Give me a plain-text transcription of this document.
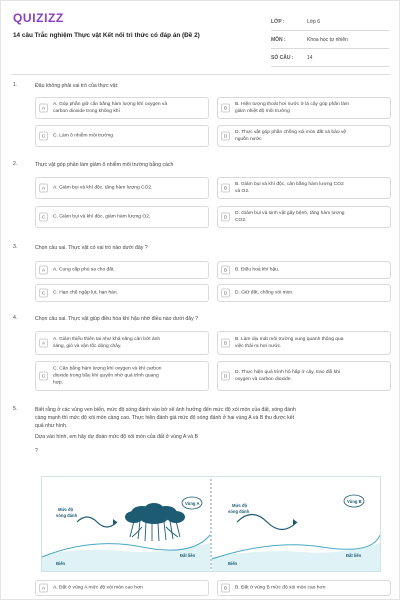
QUIZIZZ
14 câu Trắc nghiệm Thực vật Kết nối tri thức có đáp án (Đề 2)
LỚP :	Lớp 6
MÔN :	Khoa học tự nhiên
SỐ CÂU :	14
1.	Đâu không phải vai trò của thực vật:
A
A. Góp phần giữ cân bằng hàm lượng khí oxygen và
carbon dioxide trong không khí
B
B. Hiện tượng thoát hơi nước ở lá cây góp phần làm
giảm nhiệt độ môi trường
C	C. Làm ô nhiễm môi trường	D
D. Thực vật góp phần chống xói mòn đất và bảo vệ
nguồn nước
2.	Thực vật góp phần làm giảm ô nhiễm môi trường bằng cách
A	A. Giảm bụi và khí độc, tăng hàm lượng CO2.	B
B. Giảm bụi và khí độc, cân bằng hàm lượng CO2
và O2.
C	C. Giảm bụi và khí độc, giảm hàm lượng O2.	D
D. Giảm bụi và sinh vật gây bệnh, tăng hàm lượng
CO2.
3.	Chọn câu sai. Thực vật có vai trò nào dưới đây ?
A	A. Cung cấp phù sa cho đất.	B	B. Điều hoà khí hậu.
C	C. Hạn chế ngập lụt, hạn hán.	D	D. Giữ đất, chống xói mòn.
4.	Chọn câu sai. Thực vật giúp điều hòa khí hậu nhờ điều nào dưới đây ?
A
A. Giảm thiểu thiên tai như khả năng cản bớt ánh
sáng, gió và vận tốc dòng chảy.
B
B. Làm dịu mát môi trường xung quanh thông qua
việc thải ra hơi nước.
C
C. Cân bằng hàm lượng khí oxygen và khí carbon
dioxide trong bầu khí quyển nhờ quá trình quang
hợp.
D
D. Thực hiện quá trình hô hấp ở cây, trao đổi khí
oxygen và carbon dioxide.
5.	Biết rằng ở các vùng ven biển, mức độ sóng đánh vào bờ sẽ ảnh hưởng đến mức độ xói mòn của đất, sóng đánh
càng mạnh thì mức độ xói mòn càng cao. Thực hiện đánh giá mức độ sóng đánh ở hai vùng A và B thu được kết
quả như hình.
Dựa vào hình, em hãy dự đoán mức độ xói mòn của đất ở vùng A và B
?
Mức độ
sóng đánh
Vùng A
Biển
Đất liền
Mức độ
sóng đánh
Vùng B
Biển
Đất liền
A	A. Đất ở vùng A mức độ xói mòn cao hơn	B	B. Đất ở vùng B mức độ xói mòn cao hơn
